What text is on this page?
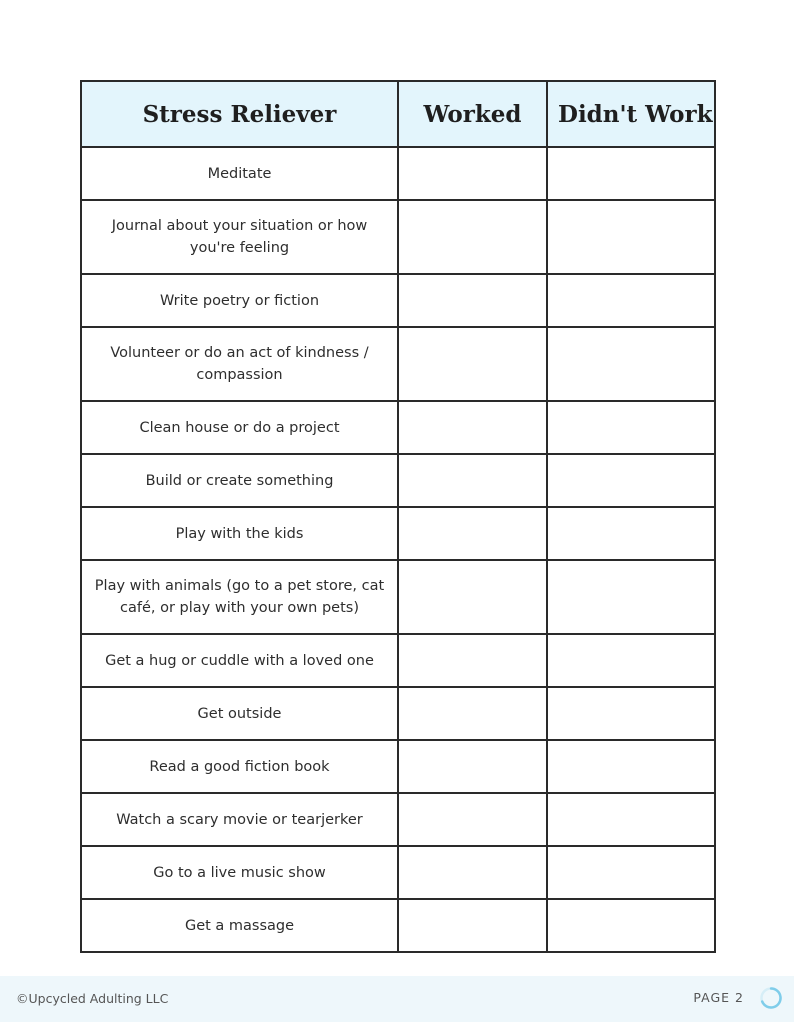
Stress Reliever	Worked	Didn't Work
Meditate		
Journal about your situation or how you're feeling		
Write poetry or fiction		
Volunteer or do an act of kindness / compassion		
Clean house or do a project		
Build or create something		
Play with the kids		
Play with animals (go to a pet store, cat café, or play with your own pets)		
Get a hug or cuddle with a loved one		
Get outside		
Read a good fiction book		
Watch a scary movie or tearjerker		
Go to a live music show		
Get a massage		
©Upcycled Adulting LLC	PAGE 2
